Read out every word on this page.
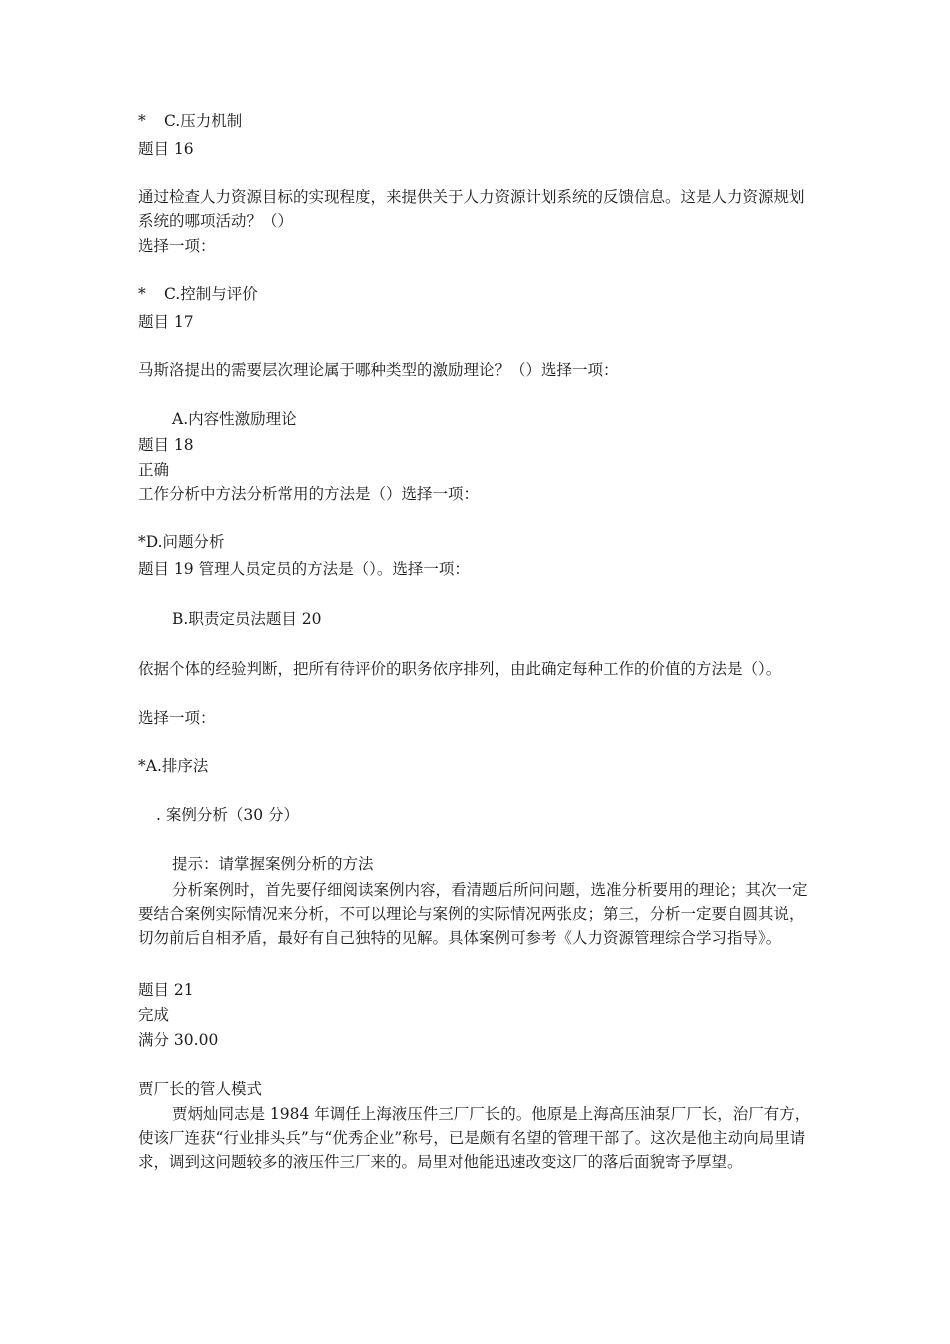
* C.压力机制
题目 16
通过检查人力资源目标的实现程度，来提供关于人力资源计划系统的反馈信息。这是人力资源规划系统的哪项活动？（）
选择一项：
* C.控制与评价
题目 17
马斯洛提出的需要层次理论属于哪种类型的激励理论？（）选择一项：
A.内容性激励理论
题目 18
正确
工作分析中方法分析常用的方法是（）选择一项：
*D.问题分析
题目 19 管理人员定员的方法是（）。选择一项：
B.职责定员法题目 20
依据个体的经验判断，把所有待评价的职务依序排列，由此确定每种工作的价值的方法是（）。
选择一项：
*A.排序法
. 案例分析（30 分）
提示：请掌握案例分析的方法
分析案例时，首先要仔细阅读案例内容，看清题后所问问题，选准分析要用的理论；其次一定要结合案例实际情况来分析，不可以理论与案例的实际情况两张皮；第三，分析一定要自圆其说，切勿前后自相矛盾，最好有自己独特的见解。具体案例可参考《人力资源管理综合学习指导》。
题目 21
完成
满分 30.00
贾厂长的管人模式
贾炳灿同志是 1984 年调任上海液压件三厂厂长的。他原是上海高压油泵厂厂长，治厂有方，使该厂连获“行业排头兵”与“优秀企业”称号，已是颇有名望的管理干部了。这次是他主动向局里请求，调到这问题较多的液压件三厂来的。局里对他能迅速改变这厂的落后面貌寄予厚望。
